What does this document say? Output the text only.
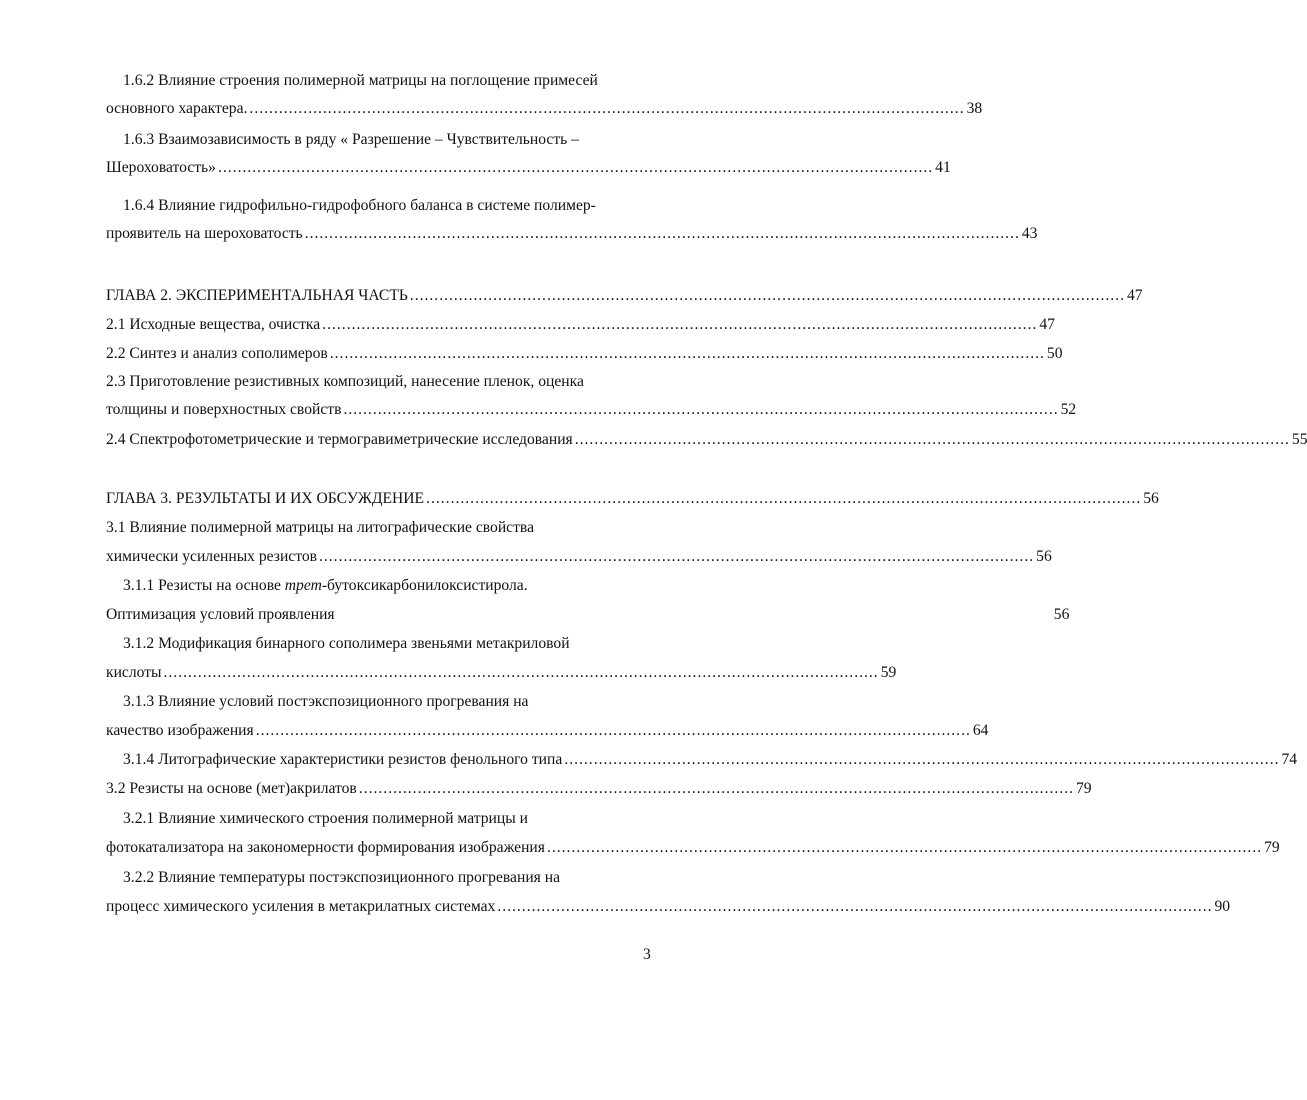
1.6.2 Влияние строения полимерной матрицы на поглощение примесей
основного характера. .................................................................................................................................................. 38
1.6.3 Взаимозависимость в ряду « Разрешение – Чувствительность –
Шероховатость» .................................................................................................................................................. 41
1.6.4 Влияние гидрофильно-гидрофобного баланса в системе полимер-
проявитель на шероховатость .................................................................................................................................................. 43
ГЛАВА 2. ЭКСПЕРИМЕНТАЛЬНАЯ ЧАСТЬ .................................................................................................................................................. 47
2.1 Исходные вещества, очистка .................................................................................................................................................. 47
2.2 Синтез и анализ сополимеров .................................................................................................................................................. 50
2.3 Приготовление резистивных композиций, нанесение пленок, оценка
толщины и поверхностных свойств .................................................................................................................................................. 52
2.4 Спектрофотометрические и термогравиметрические исследования .................................................................................................................................................. 55
ГЛАВА 3. РЕЗУЛЬТАТЫ И ИХ ОБСУЖДЕНИЕ .................................................................................................................................................. 56
3.1 Влияние полимерной матрицы на литографические свойства
химически усиленных резистов .................................................................................................................................................. 56
3.1.1 Резисты на основе трет-бутоксикарбонилоксистирола.
Оптимизация условий проявления	56
3.1.2 Модификация бинарного сополимера звеньями метакриловой
кислоты .................................................................................................................................................. 59
3.1.3 Влияние условий постэкспозиционного прогревания на
качество изображения .................................................................................................................................................. 64
3.1.4 Литографические характеристики резистов фенольного типа .................................................................................................................................................. 74
3.2 Резисты на основе (мет)акрилатов .................................................................................................................................................. 79
3.2.1 Влияние химического строения полимерной матрицы и
фотокатализатора на закономерности формирования изображения .................................................................................................................................................. 79
3.2.2 Влияние температуры постэкспозиционного прогревания на
процесс химического усиления в метакрилатных системах .................................................................................................................................................. 90
3
